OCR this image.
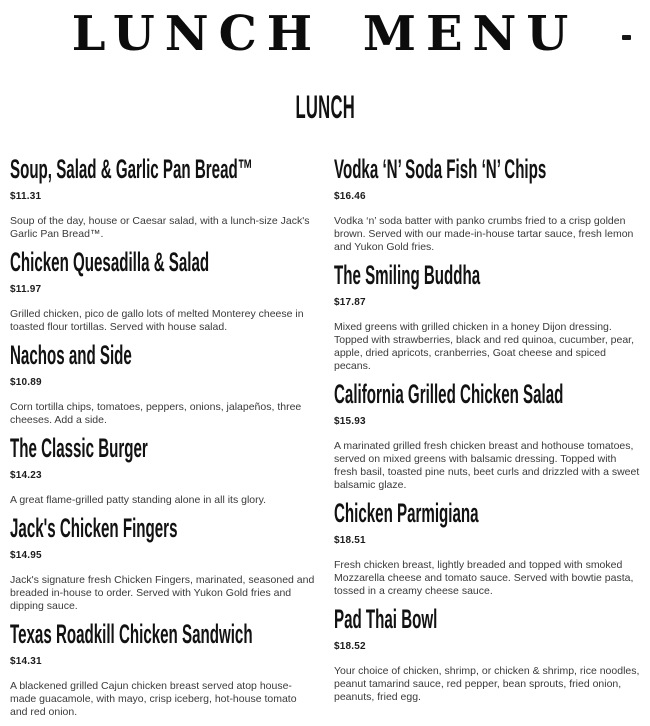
LUNCH MENU
LUNCH
Soup, Salad & Garlic Pan Bread™
$11.31

Soup of the day, house or Caesar salad, with a lunch-size Jack's Garlic Pan Bread™.

Chicken Quesadilla & Salad
$11.97

Grilled chicken, pico de gallo lots of melted Monterey cheese in toasted flour tortillas. Served with house salad.

Nachos and Side
$10.89

Corn tortilla chips, tomatoes, peppers, onions, jalapeños, three cheeses. Add a side.

The Classic Burger
$14.23

A great flame-grilled patty standing alone in all its glory.

Jack's Chicken Fingers
$14.95

Jack's signature fresh Chicken Fingers, marinated, seasoned and breaded in-house to order. Served with Yukon Gold fries and dipping sauce.

Texas Roadkill Chicken Sandwich
$14.31

A blackened grilled Cajun chicken breast served atop house-made guacamole, with mayo, crisp iceberg, hot-house tomato and red onion.

Vodka ‘N’ Soda Fish ‘N’ Chips
$16.46

Vodka ‘n’ soda batter with panko crumbs fried to a crisp golden brown. Served with our made-in-house tartar sauce, fresh lemon and Yukon Gold fries.

The Smiling Buddha
$17.87

Mixed greens with grilled chicken in a honey Dijon dressing. Topped with strawberries, black and red quinoa, cucumber, pear, apple, dried apricots, cranberries, Goat cheese and spiced pecans.

California Grilled Chicken Salad
$15.93

A marinated grilled fresh chicken breast and hothouse tomatoes, served on mixed greens with balsamic dressing. Topped with fresh basil, toasted pine nuts, beet curls and drizzled with a sweet balsamic glaze.

Chicken Parmigiana
$18.51

Fresh chicken breast, lightly breaded and topped with smoked Mozzarella cheese and tomato sauce. Served with bowtie pasta, tossed in a creamy cheese sauce.

Pad Thai Bowl
$18.52

Your choice of chicken, shrimp, or chicken & shrimp, rice noodles, peanut tamarind sauce, red pepper, bean sprouts, fried onion, peanuts, fried egg.
